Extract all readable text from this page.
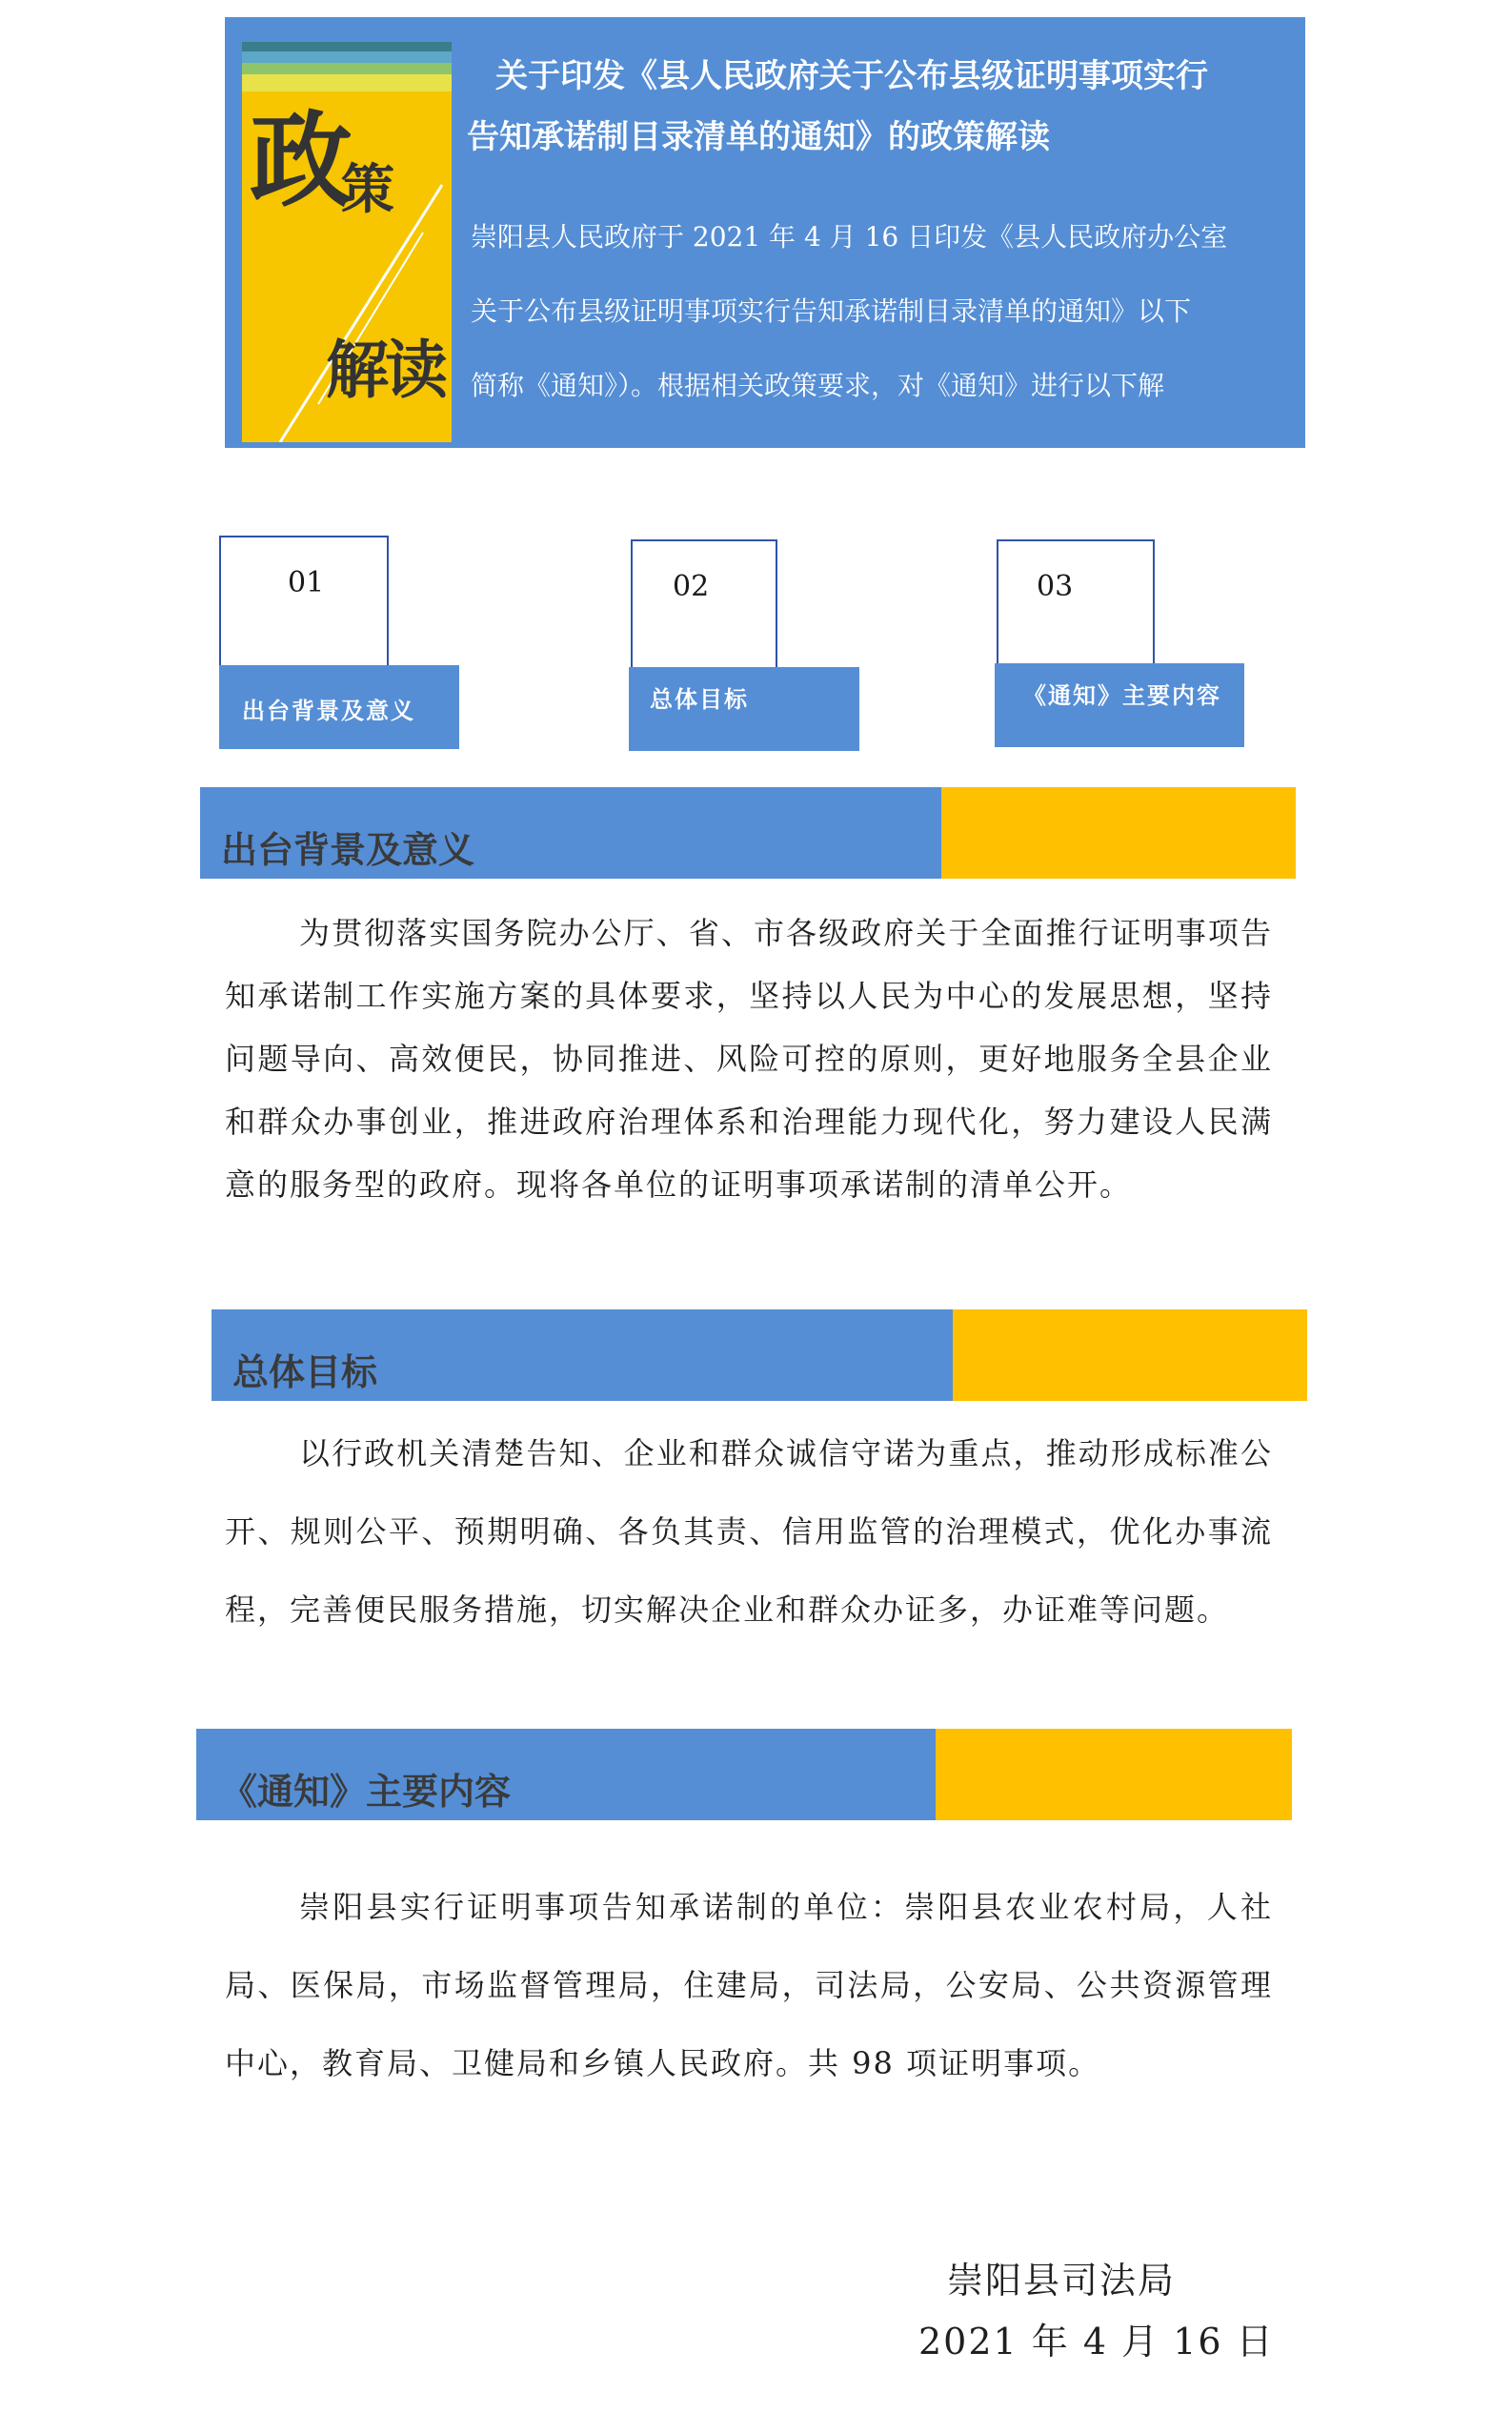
政
策
解
读
关于印发《县人民政府关于公布县级证明事项实行
告知承诺制目录清单的通知》的政策解读
崇阳县人民政府于 2021 年 4 月 16 日印发《县人民政府办公室
关于公布县级证明事项实行告知承诺制目录清单的通知》以下
简称《通知》）。根据相关政策要求，对《通知》进行以下解
01
出台背景及意义
02
总体目标
03
《通知》主要内容
出台背景及意义

为贯彻落实国务院办公厅、省、市各级政府关于全面推行证明事项告知承诺制工作实施方案的具体要求，坚持以人民为中心的发展思想，坚持问题导向、高效便民，协同推进、风险可控的原则，更好地服务全县企业和群众办事创业，推进政府治理体系和治理能力现代化，努力建设人民满意的服务型的政府。现将各单位的证明事项承诺制的清单公开。

总体目标

以行政机关清楚告知、企业和群众诚信守诺为重点，推动形成标准公开、规则公平、预期明确、各负其责、信用监管的治理模式，优化办事流程，完善便民服务措施，切实解决企业和群众办证多，办证难等问题。

《通知》主要内容

崇阳县实行证明事项告知承诺制的单位：崇阳县农业农村局，人社局、医保局，市场监督管理局，住建局，司法局，公安局、公共资源管理中心，教育局、卫健局和乡镇人民政府。共 98 项证明事项。

崇阳县司法局
2021 年 4 月 16 日
